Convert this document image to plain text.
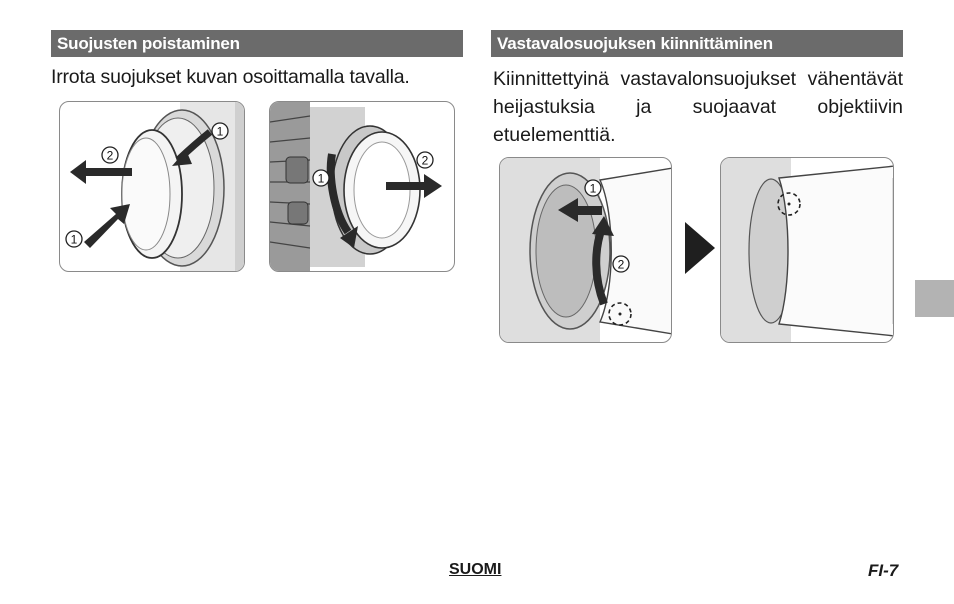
Suojusten poistaminen	Vastavalosuojuksen kiinnittäminen
Irrota suojukset kuvan osoittamalla tavalla.	Kiinnittettyinä vastavalonsuojukset vähentävät heijastuksia ja suojaavat objektiivin etuelementtiä.
2
1
1
1
2
1
2
SUOMI	FI-7
